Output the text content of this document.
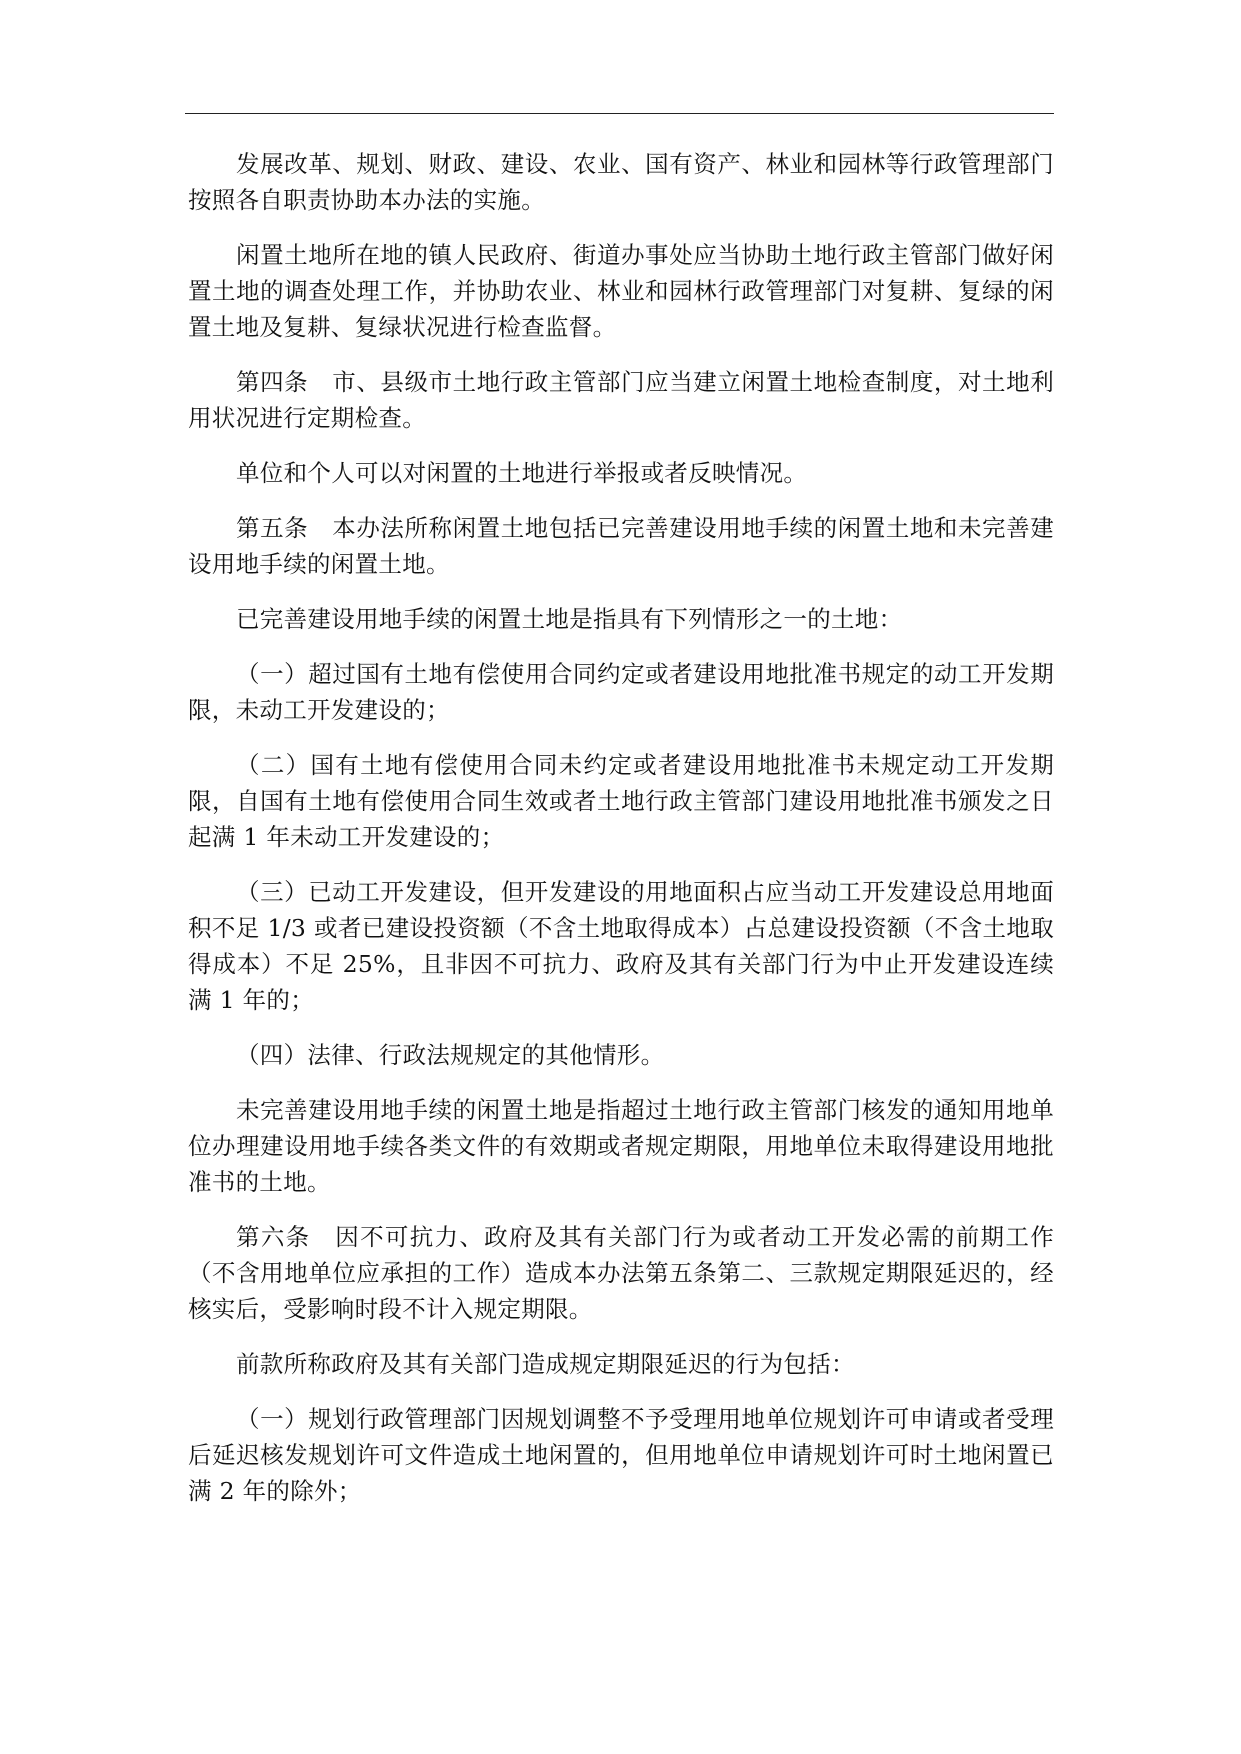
发展改革、规划、财政、建设、农业、国有资产、林业和园林等行政管理部门按照各自职责协助本办法的实施。

闲置土地所在地的镇人民政府、街道办事处应当协助土地行政主管部门做好闲置土地的调查处理工作，并协助农业、林业和园林行政管理部门对复耕、复绿的闲置土地及复耕、复绿状况进行检查监督。

第四条　市、县级市土地行政主管部门应当建立闲置土地检查制度，对土地利用状况进行定期检查。

单位和个人可以对闲置的土地进行举报或者反映情况。

第五条　本办法所称闲置土地包括已完善建设用地手续的闲置土地和未完善建设用地手续的闲置土地。

已完善建设用地手续的闲置土地是指具有下列情形之一的土地：

（一）超过国有土地有偿使用合同约定或者建设用地批准书规定的动工开发期限，未动工开发建设的；

（二）国有土地有偿使用合同未约定或者建设用地批准书未规定动工开发期限，自国有土地有偿使用合同生效或者土地行政主管部门建设用地批准书颁发之日起满 1 年未动工开发建设的；

（三）已动工开发建设，但开发建设的用地面积占应当动工开发建设总用地面积不足 1/3 或者已建设投资额（不含土地取得成本）占总建设投资额（不含土地取得成本）不足 25%，且非因不可抗力、政府及其有关部门行为中止开发建设连续满 1 年的；

（四）法律、行政法规规定的其他情形。

未完善建设用地手续的闲置土地是指超过土地行政主管部门核发的通知用地单位办理建设用地手续各类文件的有效期或者规定期限，用地单位未取得建设用地批准书的土地。

第六条　因不可抗力、政府及其有关部门行为或者动工开发必需的前期工作（不含用地单位应承担的工作）造成本办法第五条第二、三款规定期限延迟的，经核实后，受影响时段不计入规定期限。

前款所称政府及其有关部门造成规定期限延迟的行为包括：

（一）规划行政管理部门因规划调整不予受理用地单位规划许可申请或者受理后延迟核发规划许可文件造成土地闲置的，但用地单位申请规划许可时土地闲置已满 2 年的除外；
